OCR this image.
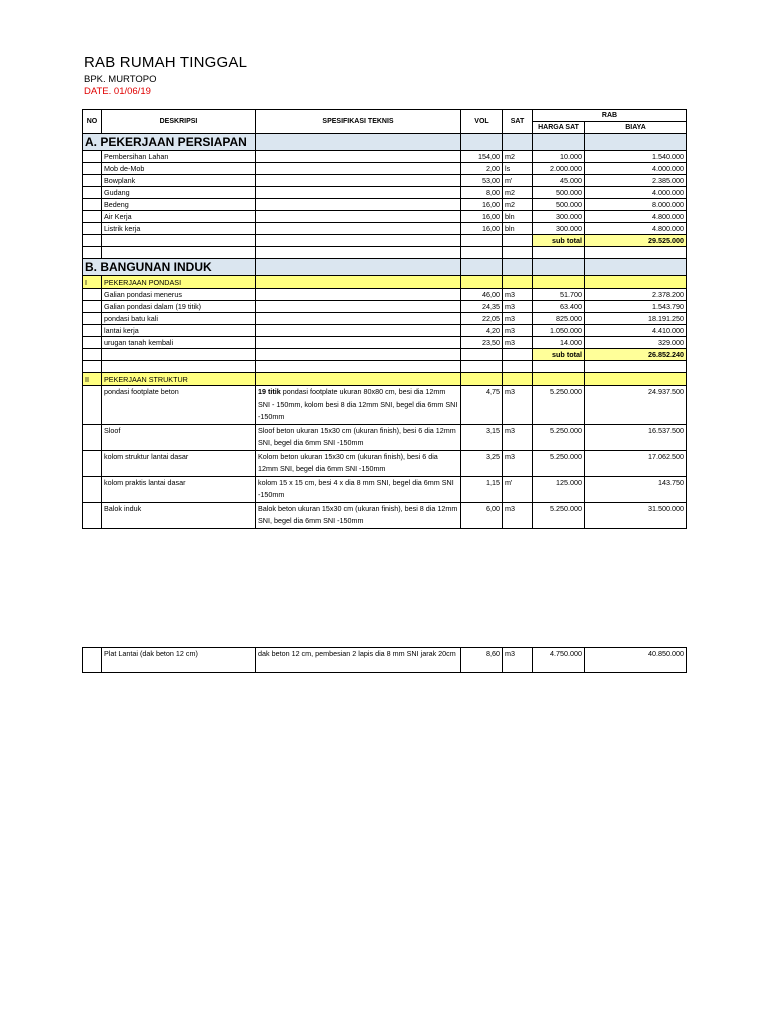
RAB RUMAH TINGGAL
BPK. MURTOPO
DATE. 01/06/19
NO	DESKRIPSI	SPESIFIKASI TEKNIS	VOL	SAT	RAB	
					HARGA SAT	BIAYA
A. PEKERJAAN PERSIAPAN						
	Pembersihan Lahan		154,00	m2	10.000	1.540.000
	Mob de-Mob		2,00	ls	2.000.000	4.000.000
	Bowplank		53,00	m'	45.000	2.385.000
	Gudang		8,00	m2	500.000	4.000.000
	Bedeng		16,00	m2	500.000	8.000.000
	Air Kerja		16,00	bln	300.000	4.800.000
	Listrik kerja		16,00	bln	300.000	4.800.000
					sub total	29.525.000

B. BANGUNAN INDUK						
I	PEKERJAAN PONDASI					
	Galian pondasi menerus		46,00	m3	51.700	2.378.200
	Galian pondasi dalam (19 titik)		24,35	m3	63.400	1.543.790
	pondasi batu kali		22,05	m3	825.000	18.191.250
	lantai kerja		4,20	m3	1.050.000	4.410.000
	urugan tanah kembali		23,50	m3	14.000	329.000
					sub total	26.852.240

II	PEKERJAAN STRUKTUR					
	pondasi footplate beton	19 titik pondasi footplate ukuran 80x80 cm, besi dia 12mm SNI - 150mm, kolom besi 8 dia 12mm SNI, begel dia 6mm SNI -150mm	4,75	m3	5.250.000	24.937.500
	Sloof	Sloof beton ukuran 15x30 cm (ukuran finish), besi 6 dia 12mm SNI, begel dia 6mm SNI -150mm	3,15	m3	5.250.000	16.537.500
	kolom struktur lantai dasar	Kolom beton ukuran 15x30 cm (ukuran finish), besi 6 dia 12mm SNI, begel dia 6mm SNI -150mm	3,25	m3	5.250.000	17.062.500
	kolom praktis lantai dasar	kolom 15 x 15 cm, besi 4 x dia 8 mm SNI, begel dia 6mm SNI -150mm	1,15	m'	125.000	143.750
	Balok induk	Balok beton ukuran 15x30 cm (ukuran finish), besi 8 dia 12mm SNI, begel dia 6mm SNI -150mm	6,00	m3	5.250.000	31.500.000
	Plat Lantai (dak beton 12 cm)	dak beton 12 cm, pembesian 2 lapis dia 8 mm SNI jarak 20cm	8,60	m3	4.750.000	40.850.000
